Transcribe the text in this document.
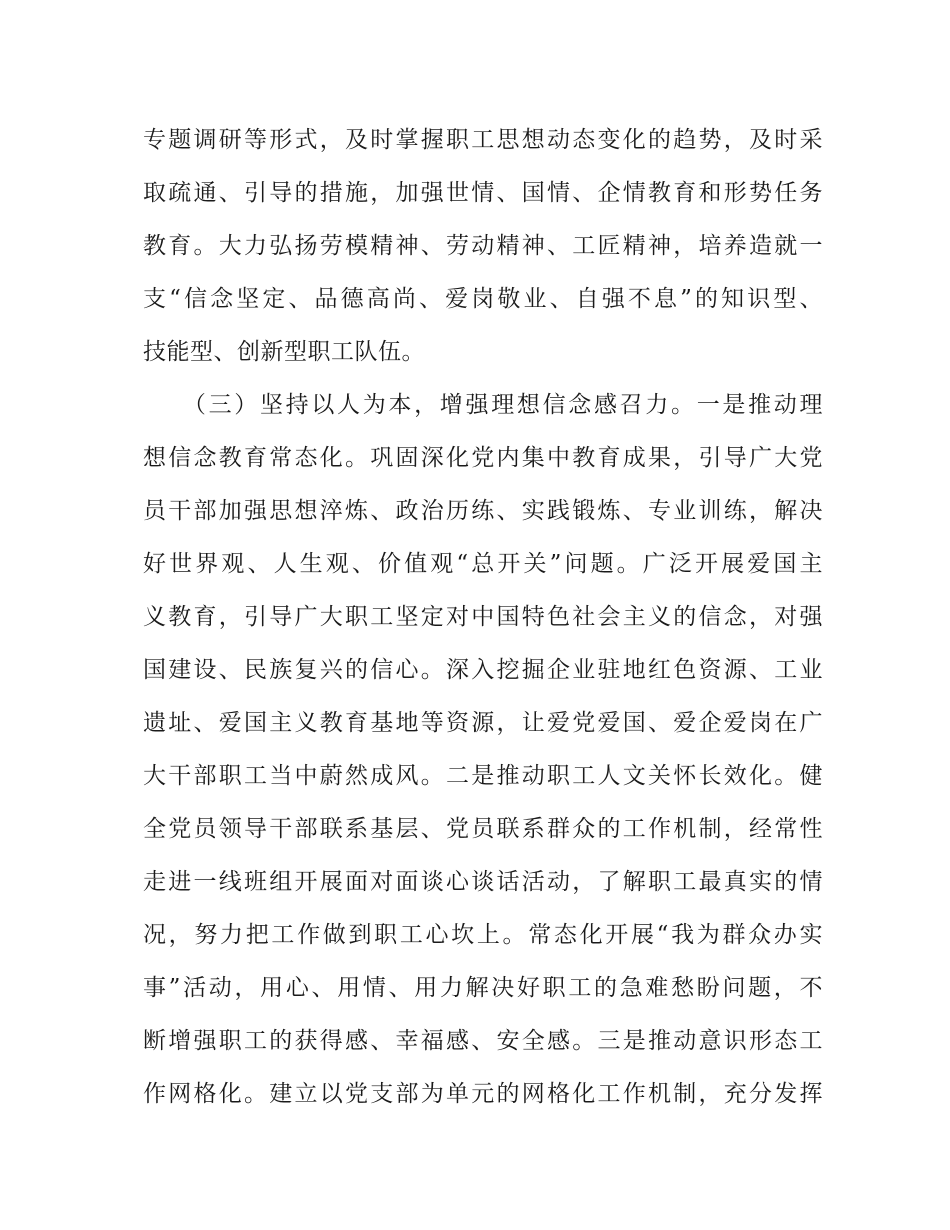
专题调研等形式，及时掌握职工思想动态变化的趋势，及时采
取疏通、引导的措施，加强世情、国情、企情教育和形势任务
教育。大力弘扬劳模精神、劳动精神、工匠精神，培养造就一
支“信念坚定、品德高尚、爱岗敬业、自强不息”的知识型、
技能型、创新型职工队伍。
　　（三）坚持以人为本，增强理想信念感召力。一是推动理
想信念教育常态化。巩固深化党内集中教育成果，引导广大党
员干部加强思想淬炼、政治历练、实践锻炼、专业训练，解决
好世界观、人生观、价值观“总开关”问题。广泛开展爱国主
义教育，引导广大职工坚定对中国特色社会主义的信念，对强
国建设、民族复兴的信心。深入挖掘企业驻地红色资源、工业
遗址、爱国主义教育基地等资源，让爱党爱国、爱企爱岗在广
大干部职工当中蔚然成风。二是推动职工人文关怀长效化。健
全党员领导干部联系基层、党员联系群众的工作机制，经常性
走进一线班组开展面对面谈心谈话活动，了解职工最真实的情
况，努力把工作做到职工心坎上。常态化开展“我为群众办实
事”活动，用心、用情、用力解决好职工的急难愁盼问题，不
断增强职工的获得感、幸福感、安全感。三是推动意识形态工
作网格化。建立以党支部为单元的网格化工作机制，充分发挥
